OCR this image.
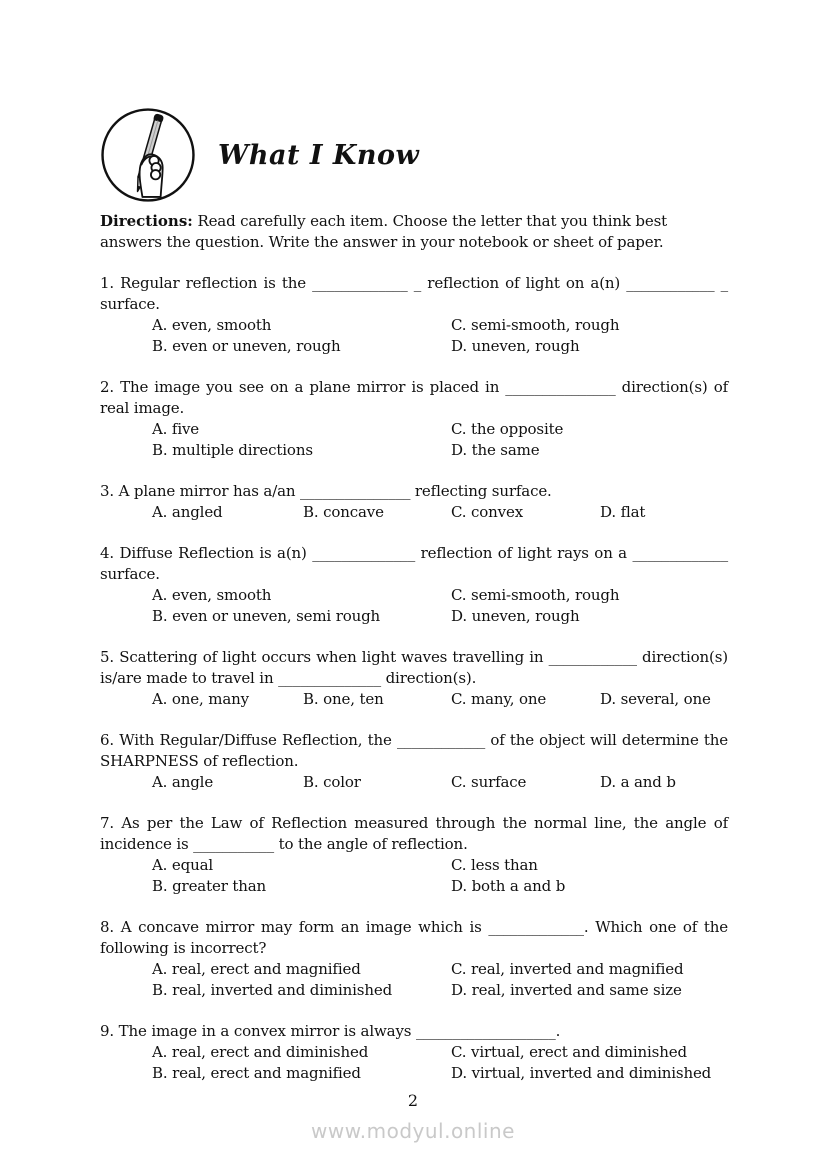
What I Know

Directions: Read carefully each item. Choose the letter that you think best answers the question. Write the answer in your notebook or sheet of paper.

1. Regular reflection is the _____________ _ reflection of light on a(n) ____________ _ surface.
A. even, smooth	C. semi-smooth, rough
B. even or uneven, rough	D. uneven, rough
2. The image you see on a plane mirror is placed in _______________ direction(s) of real image.
A. five	C. the opposite
B. multiple directions	D. the same
3. A plane mirror has a/an _______________ reflecting surface.
A. angled	B. concave	C. convex	D. flat
4. Diffuse Reflection is a(n) ______________ reflection of light rays on a _____________ surface.
A. even, smooth	C. semi-smooth, rough
B. even or uneven, semi rough	D. uneven, rough
5. Scattering of light occurs when light waves travelling in ____________ direction(s) is/are made to travel in ______________ direction(s).
A. one, many	B. one, ten	C. many, one	D. several, one
6. With Regular/Diffuse Reflection, the ____________ of the object will determine the SHARPNESS of reflection.
A. angle	B. color	C. surface	D. a and b
7. As per the Law of Reflection measured through the normal line, the angle of incidence is ___________ to the angle of reflection.
A. equal	C. less than
B. greater than	D. both a and b
8. A concave mirror may form an image which is _____________. Which one of the following is incorrect?
A. real, erect and magnified	C. real, inverted and magnified
B. real, inverted and diminished	D. real, inverted and same size
9. The image in a convex mirror is always ___________________.
A. real, erect and diminished	C. virtual, erect and diminished
B. real, erect and magnified	D. virtual, inverted and diminished
2
www.modyul.online
